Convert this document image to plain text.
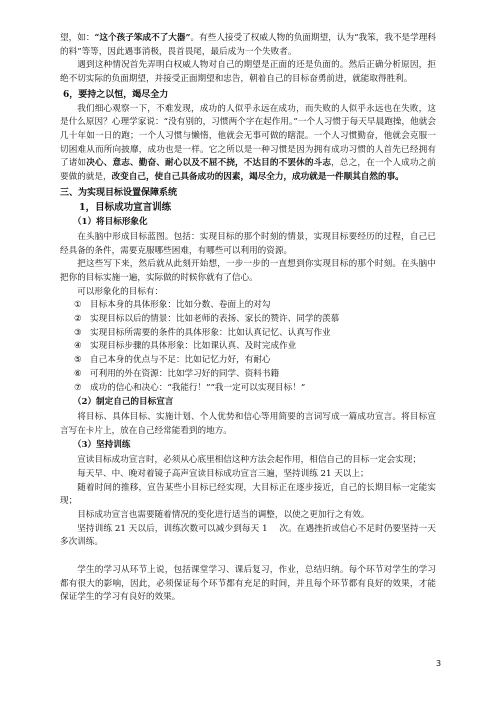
望，如：“这个孩子笨成不了大器”。有些人接受了权威人物的负面期望，认为“我笨，我不是学理科的料”等等，因此遇事消极，畏首畏尾，最后成为一个失败者。

遇到这种情况首先弄明白权威人物对自己的期望是正面的还是负面的。然后正确分析原因，拒绝不切实际的负面期望，并接受正面期望和忠告，朝着自己的目标奋勇前进，就能取得胜利。

6，要持之以恒，竭尽全力

我们细心观察一下，不难发现，成功的人似乎永远在成功，而失败的人似乎永远也在失败，这是什么原因？心理学家说：“没有别的，习惯两个字在起作用。”一个人习惯于每天早晨跑操，他就会几十年如一日的跑；一个人习惯与懒惰，他就会无事可做的瞎混。一个人习惯勤奋，他就会克服一切困难从而所向披靡，成功也是一样。它之所以是一种习惯是因为拥有成功习惯的人首先已经拥有了诸如决心、意志、勤奋、耐心以及不屈不挠，不达目的不罢休的斗志，总之，在一个人成功之前要做的就是，改变自己，使自己具备成功的因素，竭尽全力，成功就是一件顺其自然的事。

三、为实现目标设置保障系统

1，目标成功宣言训练

（1）将目标形象化

在头脑中形成目标蓝图。包括：实现目标的那个时刻的情景，实现目标要经历的过程，自己已经具备的条件，需要克服哪些困难，有哪些可以利用的资源。

把这些写下来，然后就从此刻开始想，一步一步的一直想到你实现目标的那个时刻。在头脑中把你的目标实施一遍，实际做的时候你就有了信心。

可以形象化的目标有：

① 目标本身的具体形象：比如分数、卷面上的对勾
② 实现目标以后的情景：比如老师的表扬、家长的赞许、同学的羡慕
③ 实现目标所需要的条件的具体形象：比如认真记忆、认真写作业
④ 实现目标步骤的具体形象：比如课认真、及时完成作业
⑤ 自己本身的优点与不足：比如记忆力好，有耐心
⑥ 可利用的外在资源：比如学习好的同学、资料书籍
⑦ 成功的信心和决心：“我能行！”“我一定可以实现目标！”

（2）制定自己的目标宣言

将目标、具体目标、实施计划、个人优势和信心等用简要的言词写成一篇成功宣言。将目标宣言写在卡片上，放在自己经常能看到的地方。

（3）坚持训练

宣读目标成功宣言时，必须从心底里相信这种方法会起作用，相信自己的目标一定会实现；

每天早、中、晚对着镜子高声宣读目标成功宣言三遍，坚持训练 21 天以上；

随着时间的推移，宣告某些小目标已经实现，大目标正在逐步接近，自己的长期目标一定能实现；

目标成功宣言也需要随着情况的变化进行适当的调整，以使之更加行之有效。

坚持训练 21 天以后，训练次数可以减少到每天 1　 次。在遇挫折或信心不足时仍要坚持一天多次训练。

学生的学习从环节上说，包括课堂学习、课后复习，作业，总结归纳。每个环节对学生的学习都有很大的影响，因此，必须保证每个环节都有充足的时间，并且每个环节都有良好的效果，才能保证学生的学习有良好的效果。

3
